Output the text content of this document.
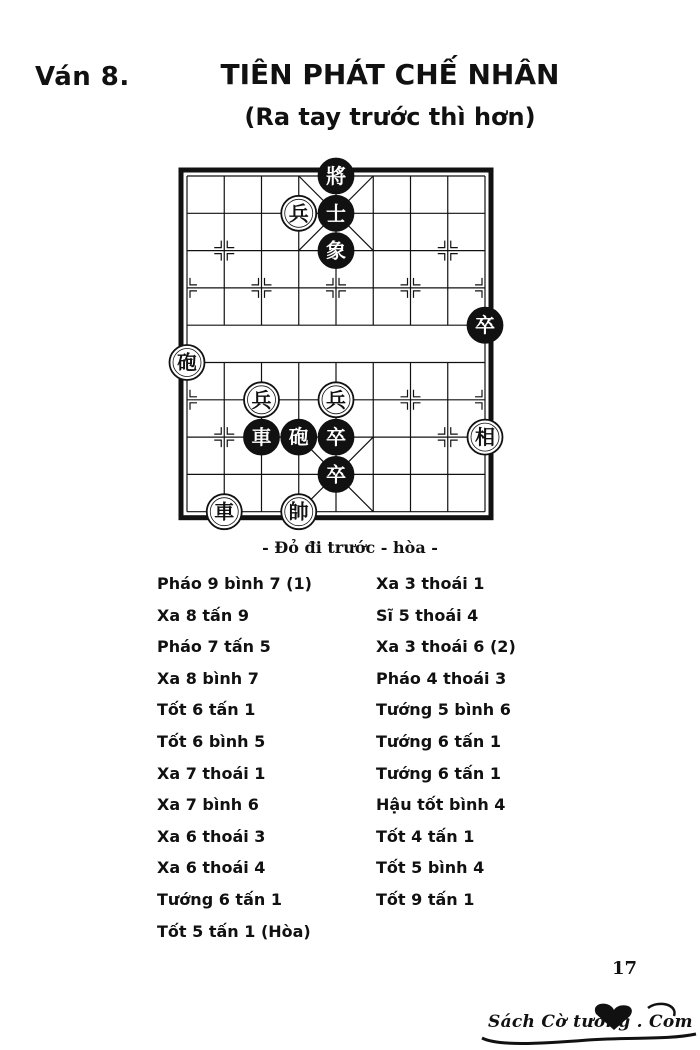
Ván 8.	TIÊN PHÁT CHẾ NHÂN
(Ra tay trước thì hơn)
將
士
兵
象
卒
砲
兵	兵
車 砲 卒	相
卒
車	帥
- Đỏ đi trước - hòa -
Pháo 9 bình 7 (1)
Xa 8 tấn 9
Pháo 7 tấn 5
Xa 8 bình 7
Tốt 6 tấn 1
Tốt 6 bình 5
Xa 7 thoái 1
Xa 7 bình 6
Xa 6 thoái 3
Xa 6 thoái 4
Tướng 6 tấn 1
Tốt 5 tấn 1 (Hòa)
Xa 3 thoái 1
Sĩ 5 thoái 4
Xa 3 thoái 6 (2)
Pháo 4 thoái 3
Tướng 5 bình 6
Tướng 6 tấn 1
Tướng 6 tấn 1
Hậu tốt bình 4
Tốt 4 tấn 1
Tốt 5 bình 4
Tốt 9 tấn 1
17
Sách Cờ tướng . Com
